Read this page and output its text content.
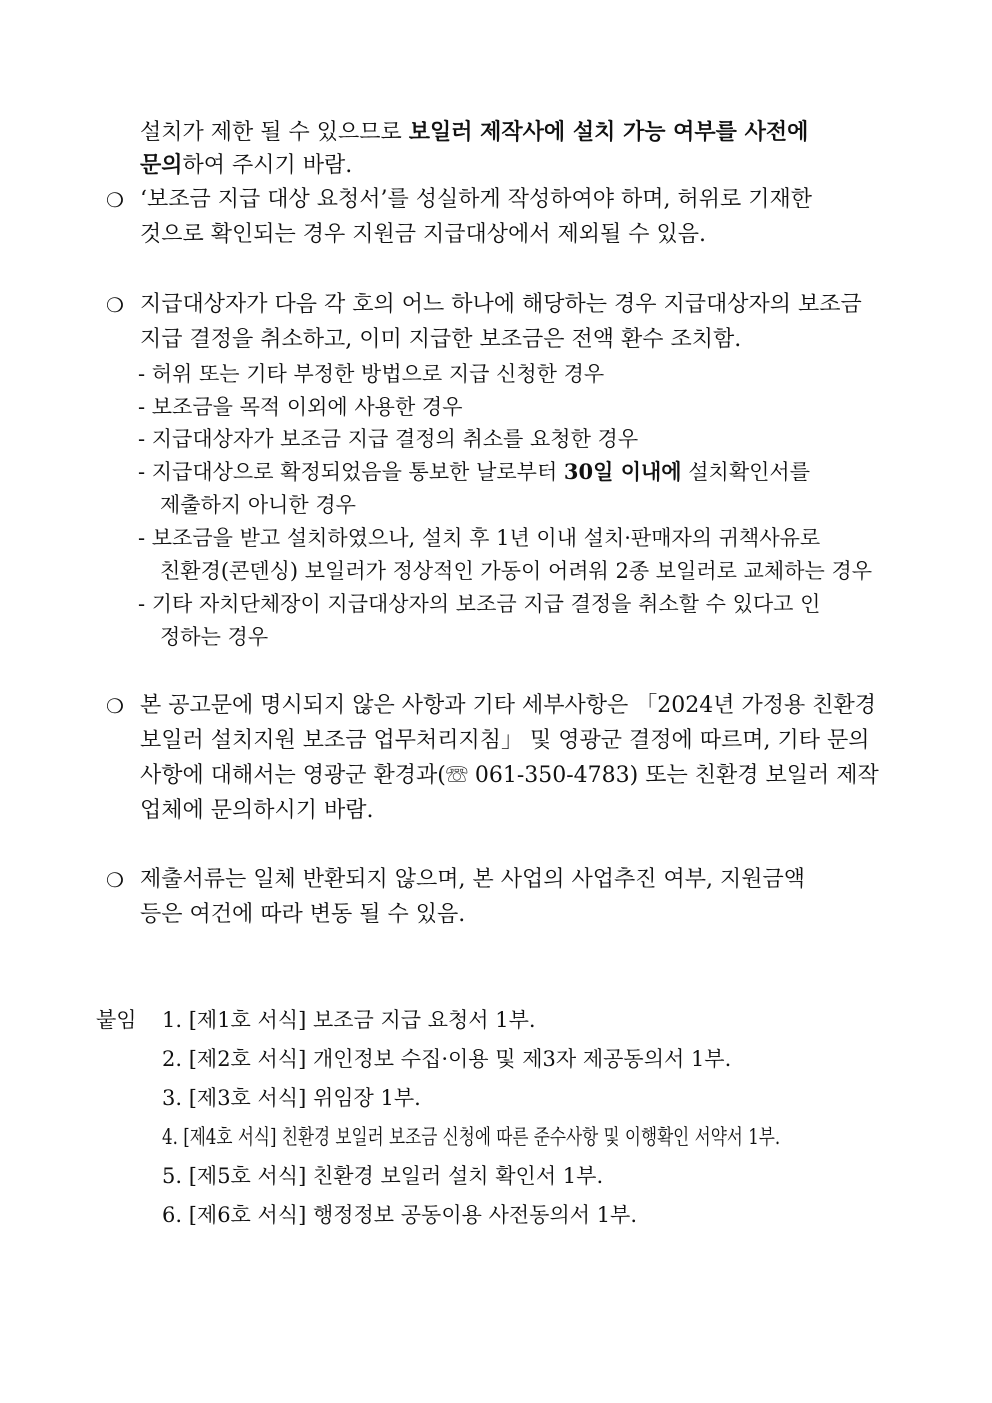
설치가 제한 될 수 있으므로 보일러 제작사에 설치 가능 여부를 사전에
문의하여 주시기 바람.
❍ ‘보조금 지급 대상 요청서’를 성실하게 작성하여야 하며, 허위로 기재한
것으로 확인되는 경우 지원금 지급대상에서 제외될 수 있음.
❍ 지급대상자가 다음 각 호의 어느 하나에 해당하는 경우 지급대상자의 보조금
지급 결정을 취소하고, 이미 지급한 보조금은 전액 환수 조치함.
- 허위 또는 기타 부정한 방법으로 지급 신청한 경우
- 보조금을 목적 이외에 사용한 경우
- 지급대상자가 보조금 지급 결정의 취소를 요청한 경우
- 지급대상으로 확정되었음을 통보한 날로부터 30일 이내에 설치확인서를
제출하지 아니한 경우
- 보조금을 받고 설치하였으나, 설치 후 1년 이내 설치·판매자의 귀책사유로
친환경(콘덴싱) 보일러가 정상적인 가동이 어려워 2종 보일러로 교체하는 경우
- 기타 자치단체장이 지급대상자의 보조금 지급 결정을 취소할 수 있다고 인
정하는 경우
❍ 본 공고문에 명시되지 않은 사항과 기타 세부사항은 「2024년 가정용 친환경
보일러 설치지원 보조금 업무처리지침」 및 영광군 결정에 따르며, 기타 문의
사항에 대해서는 영광군 환경과(☏ 061-350-4783) 또는 친환경 보일러 제작
업체에 문의하시기 바람.
❍ 제출서류는 일체 반환되지 않으며, 본 사업의 사업추진 여부, 지원금액
등은 여건에 따라 변동 될 수 있음.
붙임 1. [제1호 서식] 보조금 지급 요청서 1부.
2. [제2호 서식] 개인정보 수집·이용 및 제3자 제공동의서 1부.
3. [제3호 서식] 위임장 1부.
4. [제4호 서식] 친환경 보일러 보조금 신청에 따른 준수사항 및 이행확인 서약서 1부.
5. [제5호 서식] 친환경 보일러 설치 확인서 1부.
6. [제6호 서식] 행정정보 공동이용 사전동의서 1부.
